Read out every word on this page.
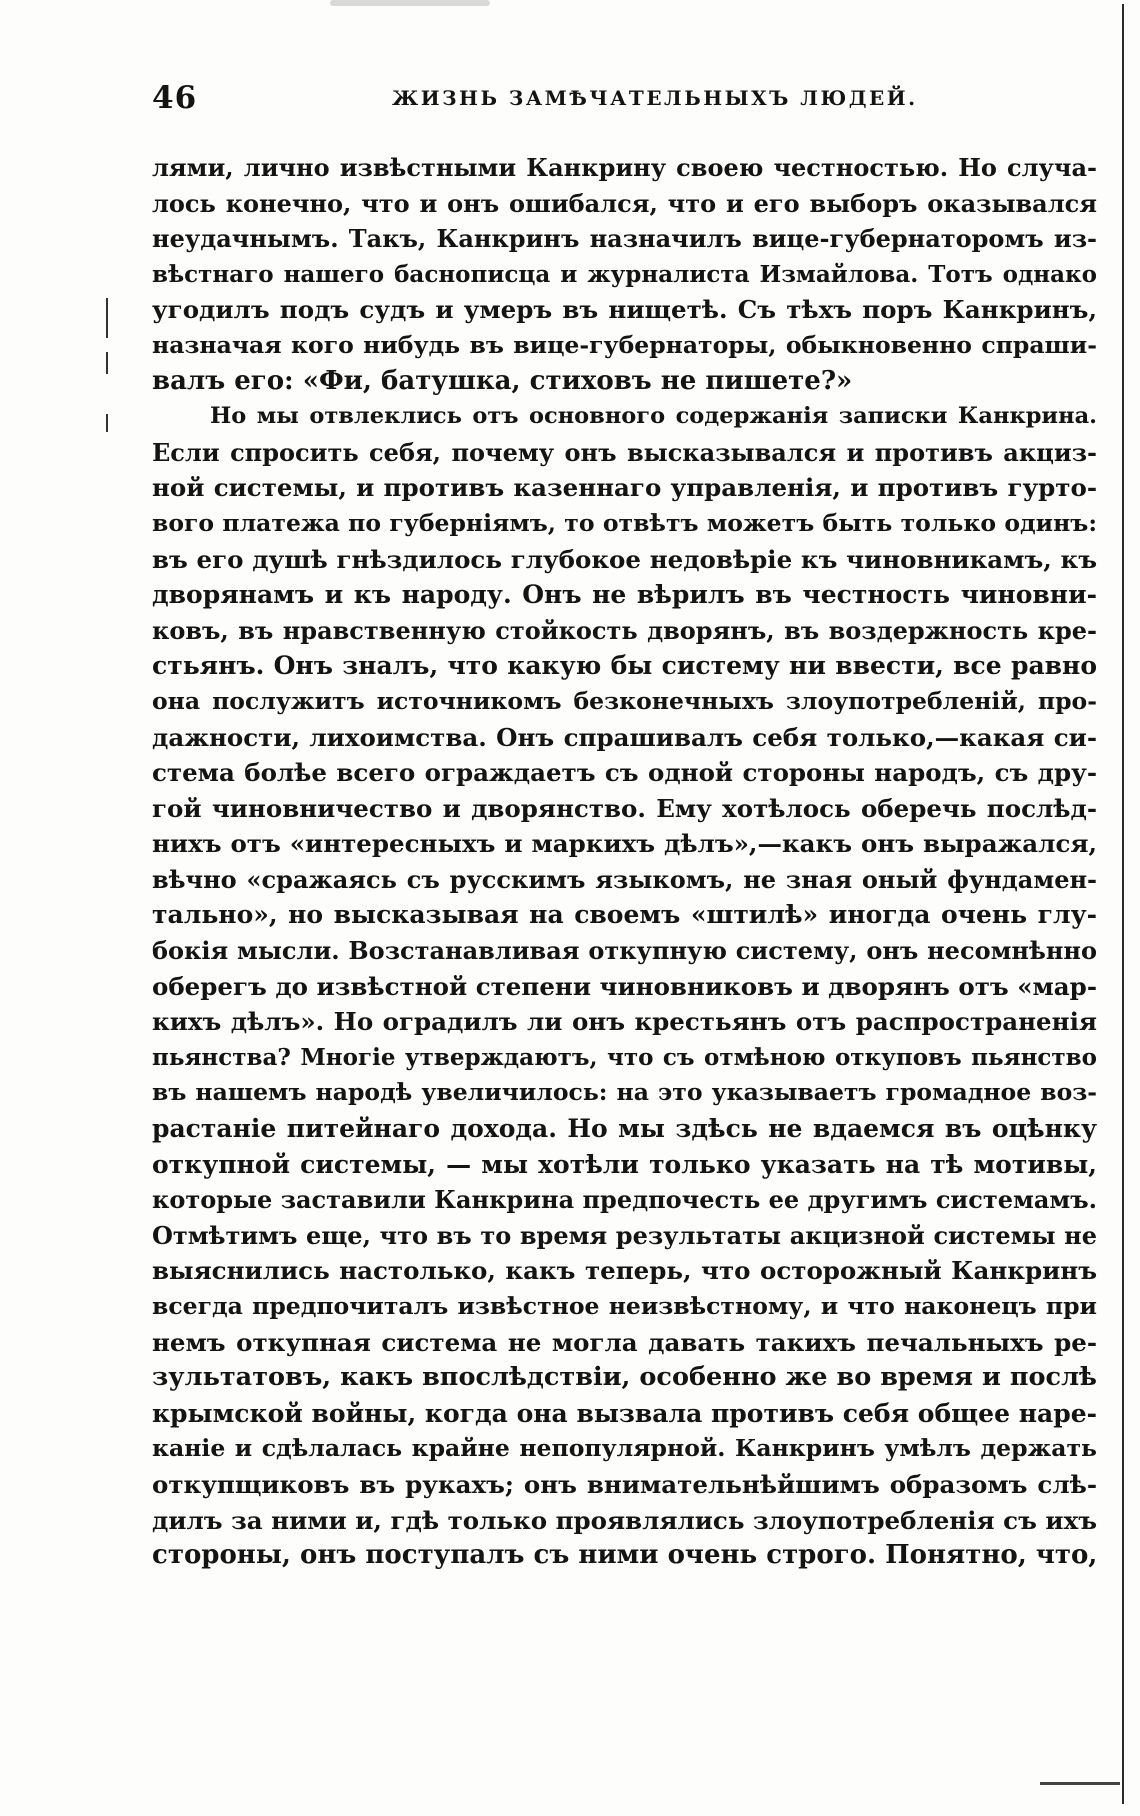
46	ЖИЗНЬ ЗАМѢЧАТЕЛЬНЫХЪ ЛЮДЕЙ.
лями, лично извѣстными Канкрину своею честностью. Но случа-
лось конечно, что и онъ ошибался, что и его выборъ оказывался
неудачнымъ. Такъ, Канкринъ назначилъ вице-губернаторомъ из-
вѣстнаго нашего баснописца и журналиста Измайлова. Тотъ однако
угодилъ подъ судъ и умеръ въ нищетѣ. Съ тѣхъ поръ Канкринъ,
назначая кого нибудь въ вице-губернаторы, обыкновенно спраши-
валъ его: «Фи, батушка, стиховъ не пишете?»
Но мы отвлеклись отъ основного содержанія записки Канкрина.
Если спросить себя, почему онъ высказывался и противъ акциз-
ной системы, и противъ казеннаго управленія, и противъ гурто-
вого платежа по губерніямъ, то отвѣтъ можетъ быть только одинъ:
въ его душѣ гнѣздилось глубокое недовѣріе къ чиновникамъ, къ
дворянамъ и къ народу. Онъ не вѣрилъ въ честность чиновни-
ковъ, въ нравственную стойкость дворянъ, въ воздержность кре-
стьянъ. Онъ зналъ, что какую бы систему ни ввести, все равно
она послужитъ источникомъ безконечныхъ злоупотребленій, про-
дажности, лихоимства. Онъ спрашивалъ себя только,—какая си-
стема болѣе всего ограждаетъ съ одной стороны народъ, съ дру-
гой чиновничество и дворянство. Ему хотѣлось оберечь послѣд-
нихъ отъ «интересныхъ и маркихъ дѣлъ»,—какъ онъ выражался,
вѣчно «сражаясь съ русскимъ языкомъ, не зная оный фундамен-
тально», но высказывая на своемъ «штилѣ» иногда очень глу-
бокія мысли. Возстанавливая откупную систему, онъ несомнѣнно
оберегъ до извѣстной степени чиновниковъ и дворянъ отъ «мар-
кихъ дѣлъ». Но оградилъ ли онъ крестьянъ отъ распространенія
пьянства? Многіе утверждаютъ, что съ отмѣною откуповъ пьянство
въ нашемъ народѣ увеличилось: на это указываетъ громадное воз-
растаніе питейнаго дохода. Но мы здѣсь не вдаемся въ оцѣнку
откупной системы, — мы хотѣли только указать на тѣ мотивы,
которые заставили Канкрина предпочесть ее другимъ системамъ.
Отмѣтимъ еще, что въ то время результаты акцизной системы не
выяснились настолько, какъ теперь, что осторожный Канкринъ
всегда предпочиталъ извѣстное неизвѣстному, и что наконецъ при
немъ откупная система не могла давать такихъ печальныхъ ре-
зультатовъ, какъ впослѣдствіи, особенно же во время и послѣ
крымской войны, когда она вызвала противъ себя общее наре-
каніе и сдѣлалась крайне непопулярной. Канкринъ умѣлъ держать
откупщиковъ въ рукахъ; онъ внимательнѣйшимъ образомъ слѣ-
дилъ за ними и, гдѣ только проявлялись злоупотребленія съ ихъ
стороны, онъ поступалъ съ ними очень строго. Понятно, что,
